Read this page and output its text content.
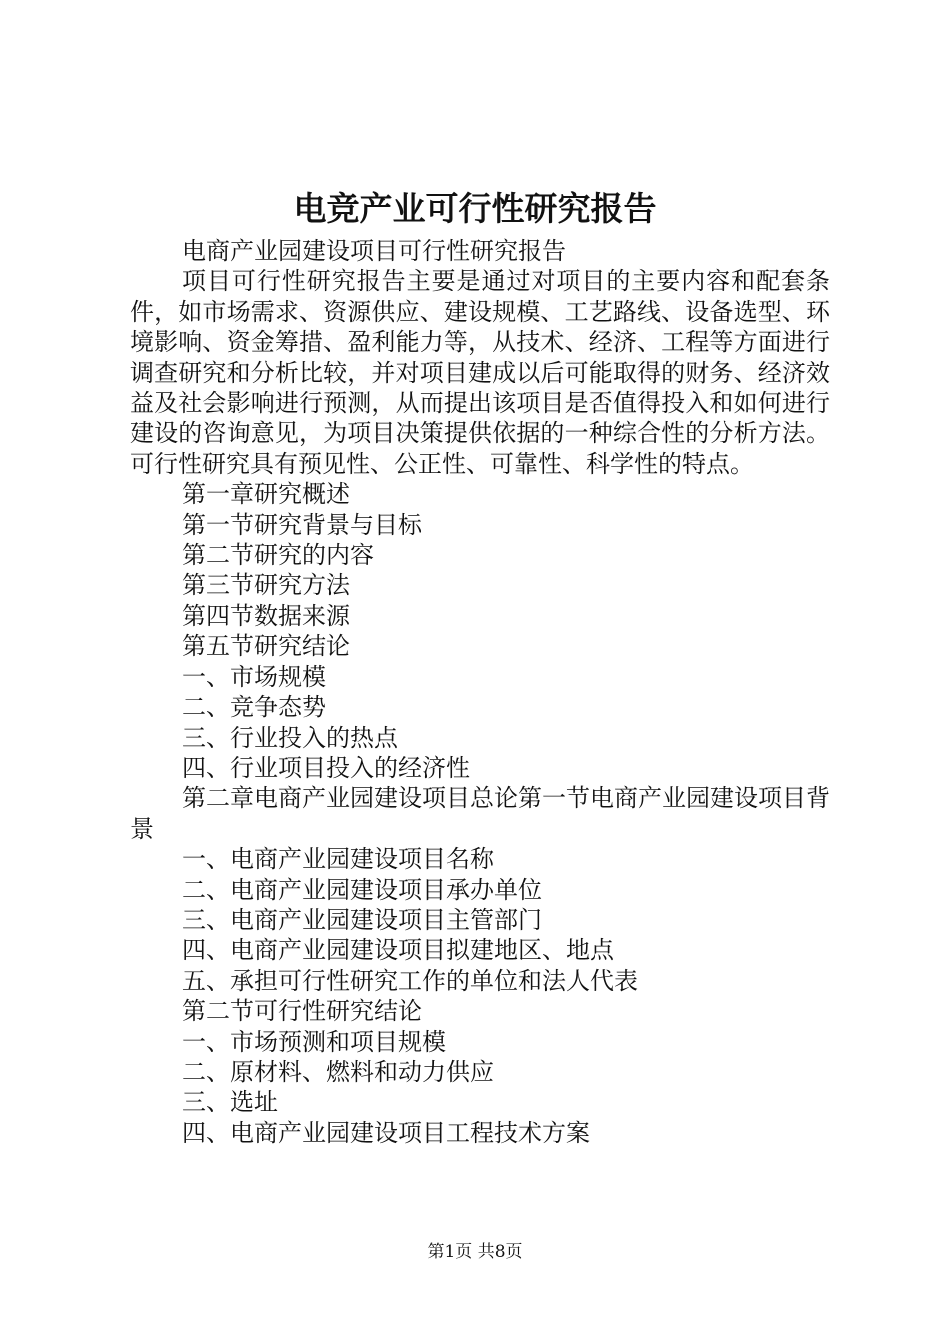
电竞产业可行性研究报告

电商产业园建设项目可行性研究报告

项目可行性研究报告主要是通过对项目的主要内容和配套条件，如市场需求、资源供应、建设规模、工艺路线、设备选型、环境影响、资金筹措、盈利能力等，从技术、经济、工程等方面进行调查研究和分析比较，并对项目建成以后可能取得的财务、经济效益及社会影响进行预测，从而提出该项目是否值得投入和如何进行建设的咨询意见，为项目决策提供依据的一种综合性的分析方法。可行性研究具有预见性、公正性、可靠性、科学性的特点。

第一章研究概述

第一节研究背景与目标

第二节研究的内容

第三节研究方法

第四节数据来源

第五节研究结论

一、市场规模

二、竞争态势

三、行业投入的热点

四、行业项目投入的经济性

第二章电商产业园建设项目总论第一节电商产业园建设项目背景

一、电商产业园建设项目名称

二、电商产业园建设项目承办单位

三、电商产业园建设项目主管部门

四、电商产业园建设项目拟建地区、地点

五、承担可行性研究工作的单位和法人代表

第二节可行性研究结论

一、市场预测和项目规模

二、原材料、燃料和动力供应

三、选址

四、电商产业园建设项目工程技术方案

第1页 共8页
